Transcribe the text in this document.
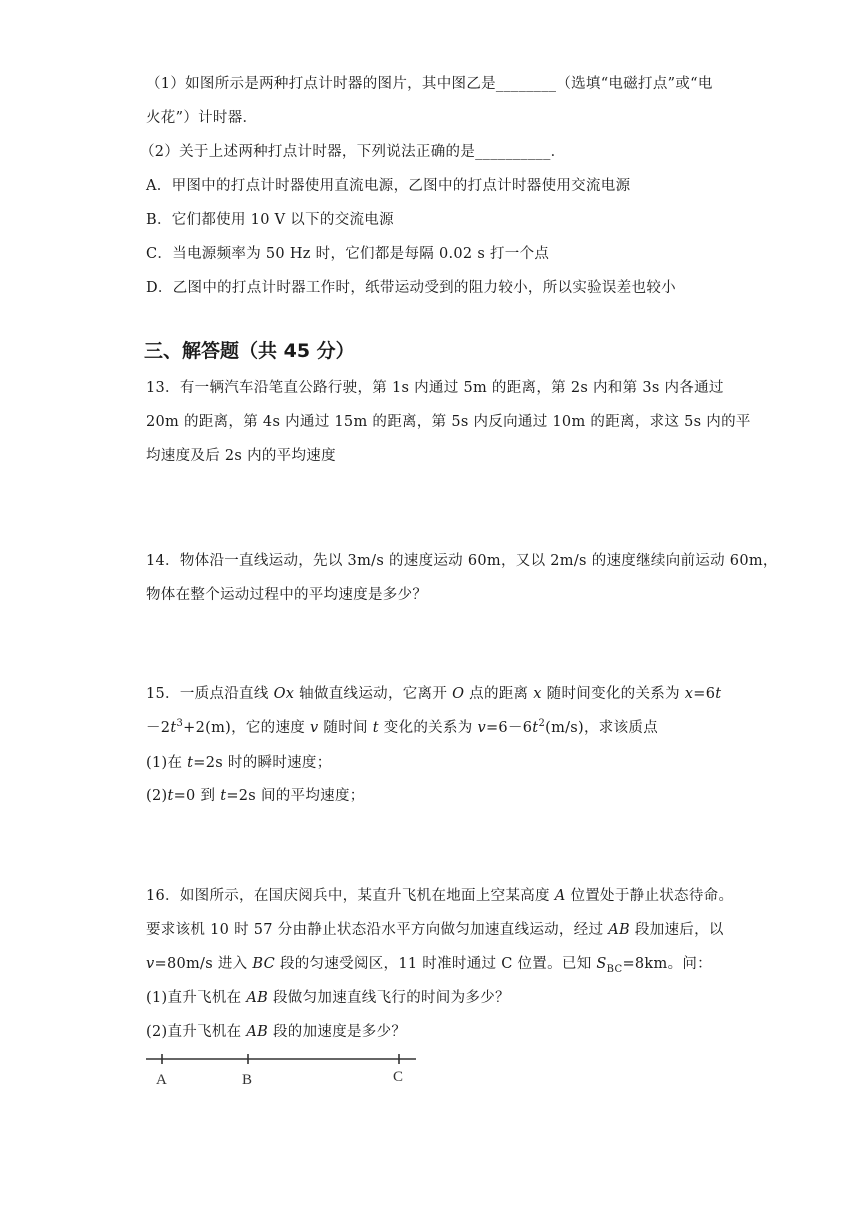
（1）如图所示是两种打点计时器的图片，其中图乙是________（选填“电磁打点”或“电
火花”）计时器．
（2）关于上述两种打点计时器，下列说法正确的是__________．
A．甲图中的打点计时器使用直流电源，乙图中的打点计时器使用交流电源
B．它们都使用 10 V 以下的交流电源
C．当电源频率为 50 Hz 时，它们都是每隔 0.02 s 打一个点
D．乙图中的打点计时器工作时，纸带运动受到的阻力较小，所以实验误差也较小
三、解答题（共 45 分）
13．有一辆汽车沿笔直公路行驶，第 1s 内通过 5m 的距离，第 2s 内和第 3s 内各通过
20m 的距离，第 4s 内通过 15m 的距离，第 5s 内反向通过 10m 的距离，求这 5s 内的平
均速度及后 2s 内的平均速度
14．物体沿一直线运动，先以 3m/s 的速度运动 60m，又以 2m/s 的速度继续向前运动 60m，
物体在整个运动过程中的平均速度是多少？
15．一质点沿直线 Ox 轴做直线运动，它离开 O 点的距离 x 随时间变化的关系为 x=6t
$-2t^3+2(m)$，它的速度 v 随时间 t 变化的关系为 $v=6-6t^2(m/s)$，求该质点
(1)在 t=2s 时的瞬时速度；
(2)t=0 到 t=2s 间的平均速度；
16．如图所示，在国庆阅兵中，某直升飞机在地面上空某高度 A 位置处于静止状态待命。
要求该机 10 时 57 分由静止状态沿水平方向做匀加速直线运动，经过 AB 段加速后，以
v=80m/s 进入 BC 段的匀速受阅区，11 时准时通过 C 位置。已知 $S_{BC}=8km$。问：
(1)直升飞机在 AB 段做匀加速直线飞行的时间为多少？
(2)直升飞机在 AB 段的加速度是多少？
A	B	C
